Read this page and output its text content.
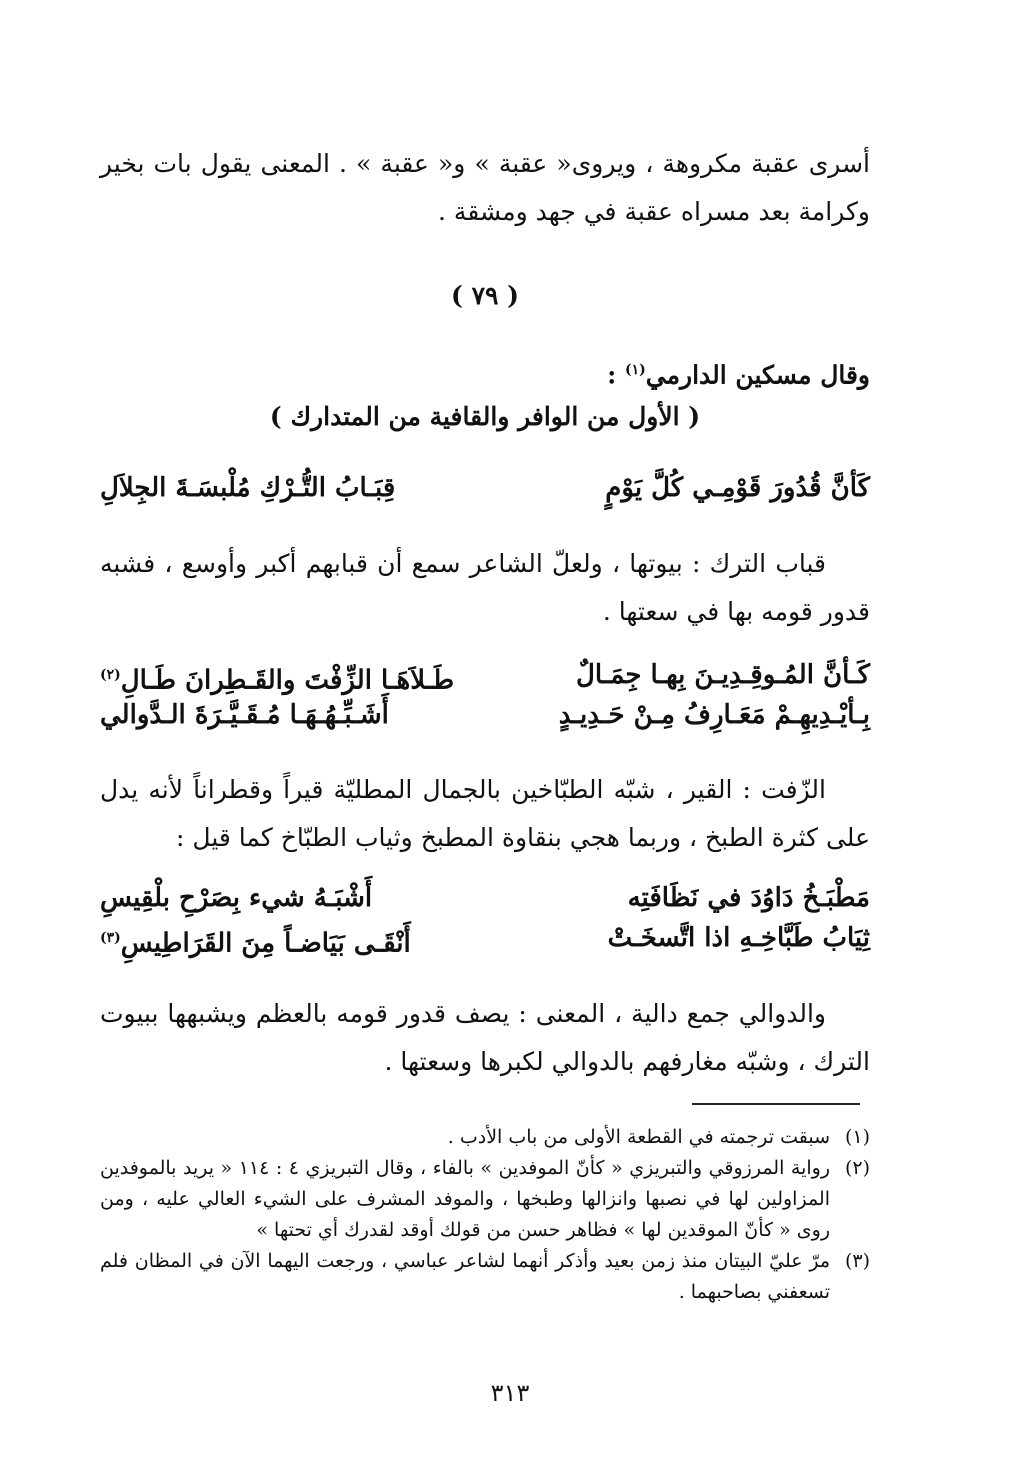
أسرى عقبة مكروهة ، ويروى« عقبة » و« عقبة » . المعنى يقول بات بخير وكرامة بعد مسراه عقبة في جهد ومشقة .

( ٧٩ )
وقال مسكين الدارمي$^{(١)}$ :
( الأول من الوافر والقافية من المتدارك )
كَأنَّ قُدُورَ قَوْمِـي كُلَّ يَوْمٍ
قِبَـابُ التُّـرْكِ مُلْبسَـةَ الجِلاَلِ

قباب الترك : بيوتها ، ولعلّ الشاعر سمع أن قبابهم أكبر وأوسع ، فشبه قدور قومه بها في سعتها .

كَـأنَّ المُـوقِـدِيـنَ بِهـا جِمَـالٌ
طَـلاَهَـا الزِّفْتَ والقَـطِرانَ طَـالِ$^{(٢)}$
بِـأيْـدِيهِـمْ مَعَـارِفُ مِـنْ حَـدِيـدٍ
أَشَـبِّـهُـهَـا مُـقَـيَّـرَةَ الـدَّوالي

الزّفت : القير ، شبّه الطبّاخين بالجمال المطليّة قيراً وقطراناً لأنه يدل على كثرة الطبخ ، وربما هجي بنقاوة المطبخ وثياب الطبّاخ كما قيل :

مَطْبَـخُ دَاوُدَ في نَظَافَتِه
أَشْبَـهُ شيء بِصَرْحِ بلْقِيسِ
ثِيَابُ طَبَّاخِـهِ اذا اتَّسخَـتْ
أَنْقَـى بَيَاضـاً مِنَ القَرَاطِيسِ$^{(٣)}$

والدوالي جمع دالية ، المعنى : يصف قدور قومه بالعظم ويشبهها ببيوت الترك ، وشبّه مغارفهم بالدوالي لكبرها وسعتها .

(١)
سبقت ترجمته في القطعة الأولى من باب الأدب .
(٢)
رواية المرزوقي والتبريزي « كأنّ الموفدين » بالفاء ، وقال التبريزي ٤ : ١١٤ « يريد بالموفدين المزاولين لها في نصبها وانزالها وطبخها ، والموفد المشرف على الشيء العالي عليه ، ومن روى « كأنّ الموقدين لها » فظاهر حسن من قولك أوقد لقدرك أي تحتها »
(٣)
مرّ عليّ البيتان منذ زمن بعيد وأذكر أنهما لشاعر عباسي ، ورجعت اليهما الآن في المظان فلم تسعفني بصاحبهما .
٣١٣
